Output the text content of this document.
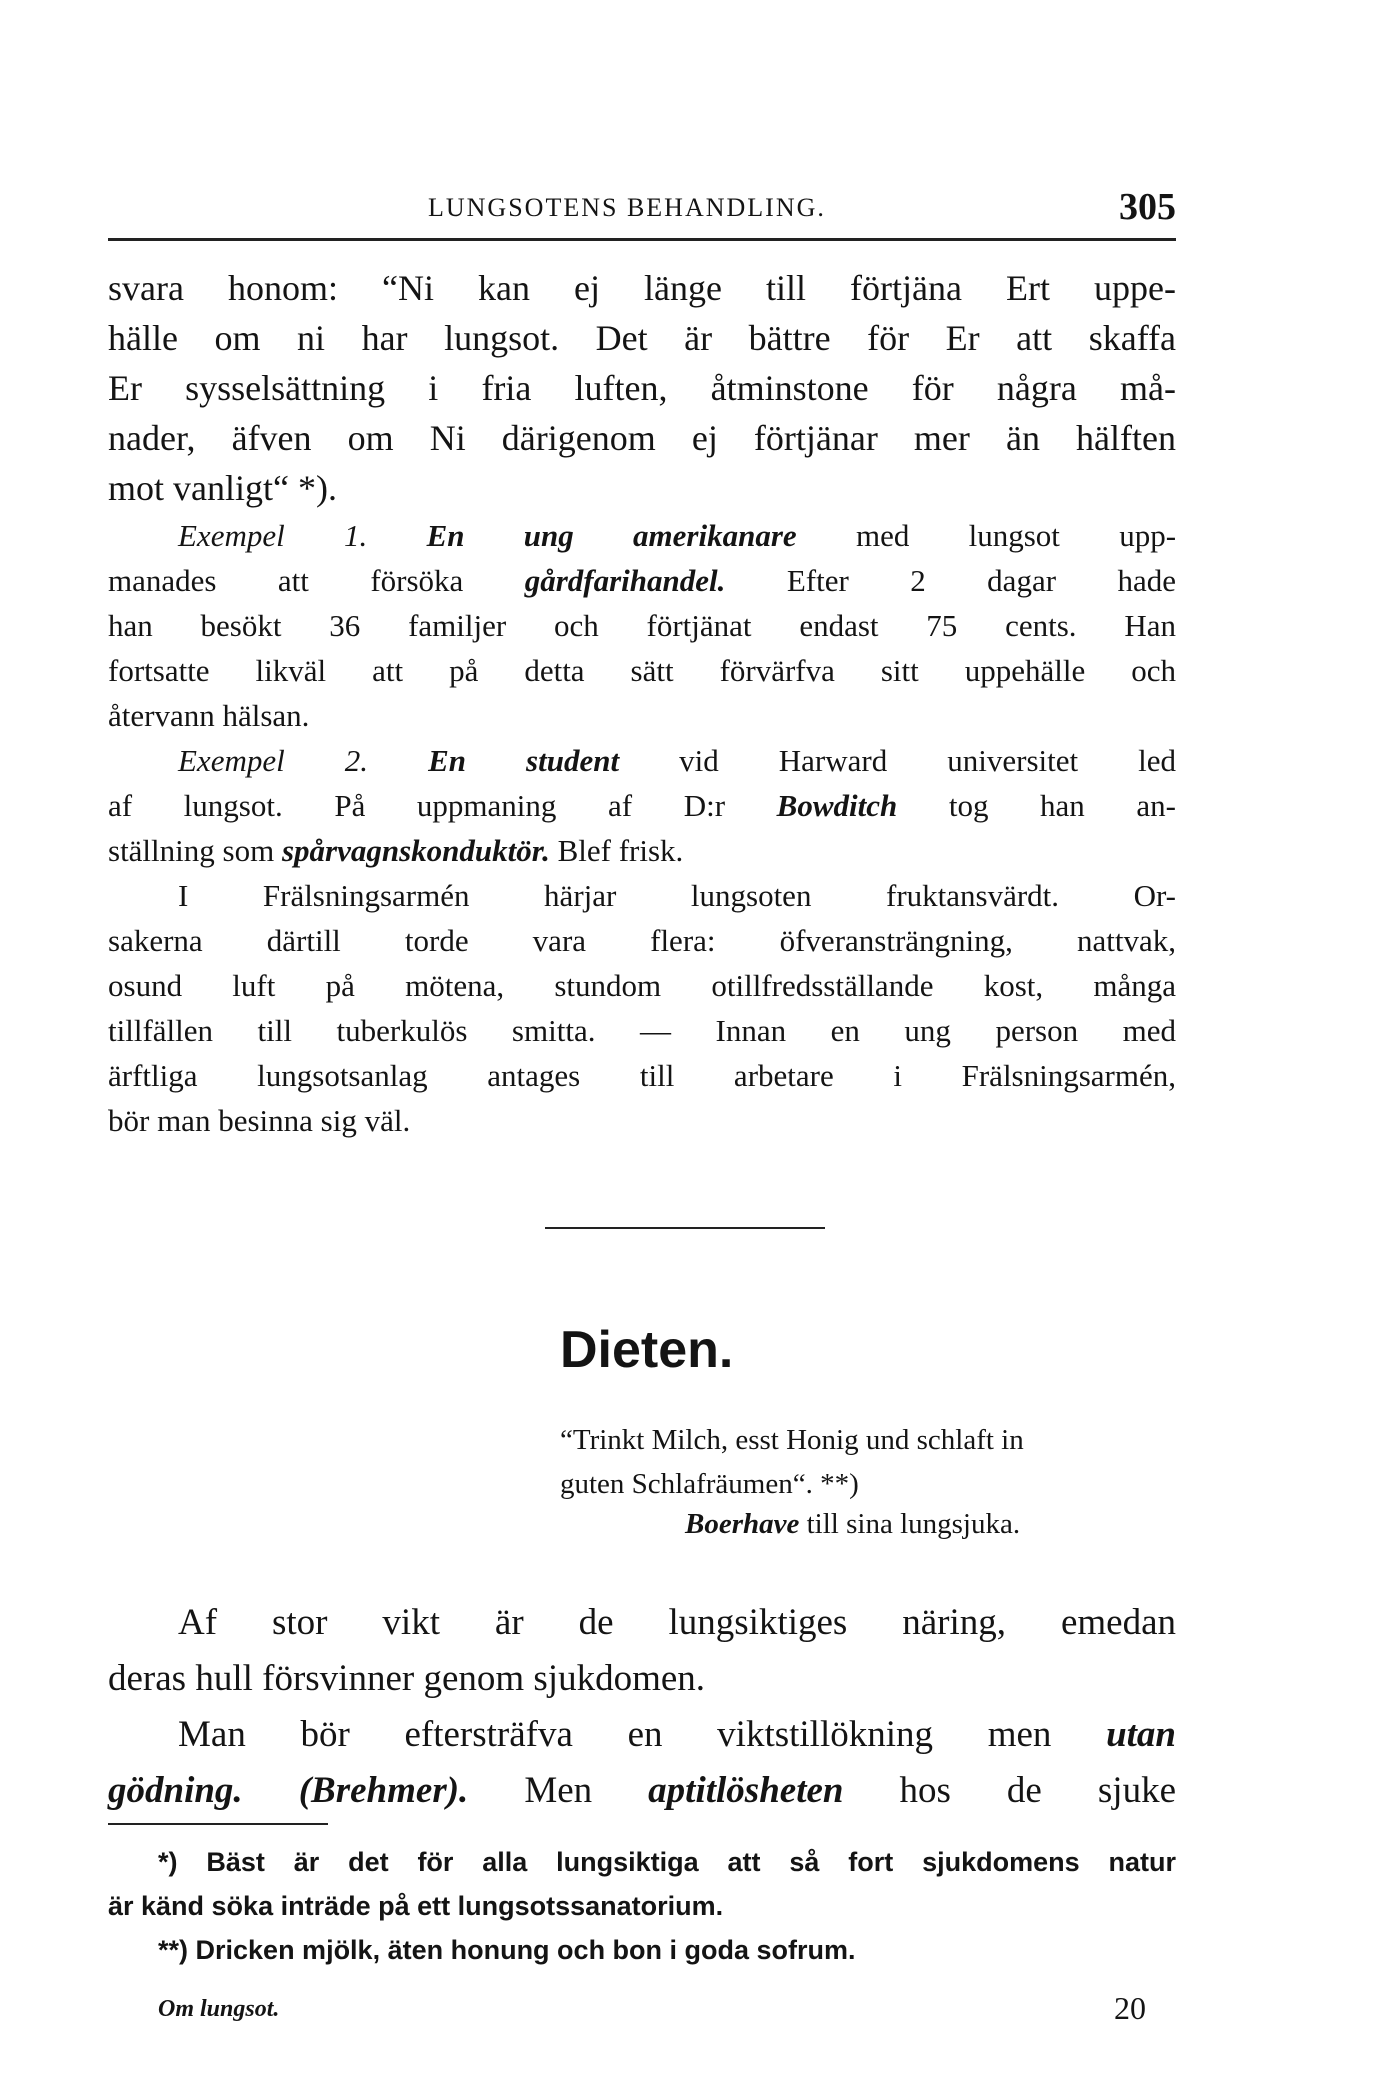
LUNGSOTENS BEHANDLING.	305
svara honom: “Ni kan ej länge till förtjäna Ert uppe-
hälle om ni har lungsot. Det är bättre för Er att skaffa
Er sysselsättning i fria luften, åtminstone för några må-
nader, äfven om Ni därigenom ej förtjänar mer än hälften
mot vanligt“ *).
Exempel 1. En ung amerikanare med lungsot upp-
manades att försöka gårdfarihandel. Efter 2 dagar hade
han besökt 36 familjer och förtjänat endast 75 cents. Han
fortsatte likväl att på detta sätt förvärfva sitt uppehälle och
återvann hälsan.
Exempel 2. En student vid Harward universitet led
af lungsot. På uppmaning af D:r Bowditch tog han an-
ställning som spårvagnskonduktör. Blef frisk.
I Frälsningsarmén härjar lungsoten fruktansvärdt. Or-
sakerna därtill torde vara flera: öfveransträngning, nattvak,
osund luft på mötena, stundom otillfredsställande kost, många
tillfällen till tuberkulös smitta. — Innan en ung person med
ärftliga lungsotsanlag antages till arbetare i Frälsningsarmén,
bör man besinna sig väl.
Dieten.
“Trinkt Milch, esst Honig und schlaft in
guten Schlafräumen“. **)
Boerhave till sina lungsjuka.
Af stor vikt är de lungsiktiges näring, emedan
deras hull försvinner genom sjukdomen.
Man bör eftersträfva en viktstillökning men utan
gödning. (Brehmer). Men aptitlösheten hos de sjuke
*) Bäst är det för alla lungsiktiga att så fort sjukdomens natur
är känd söka inträde på ett lungsotssanatorium.
**) Dricken mjölk, äten honung och bon i goda sofrum.
Om lungsot.	20
